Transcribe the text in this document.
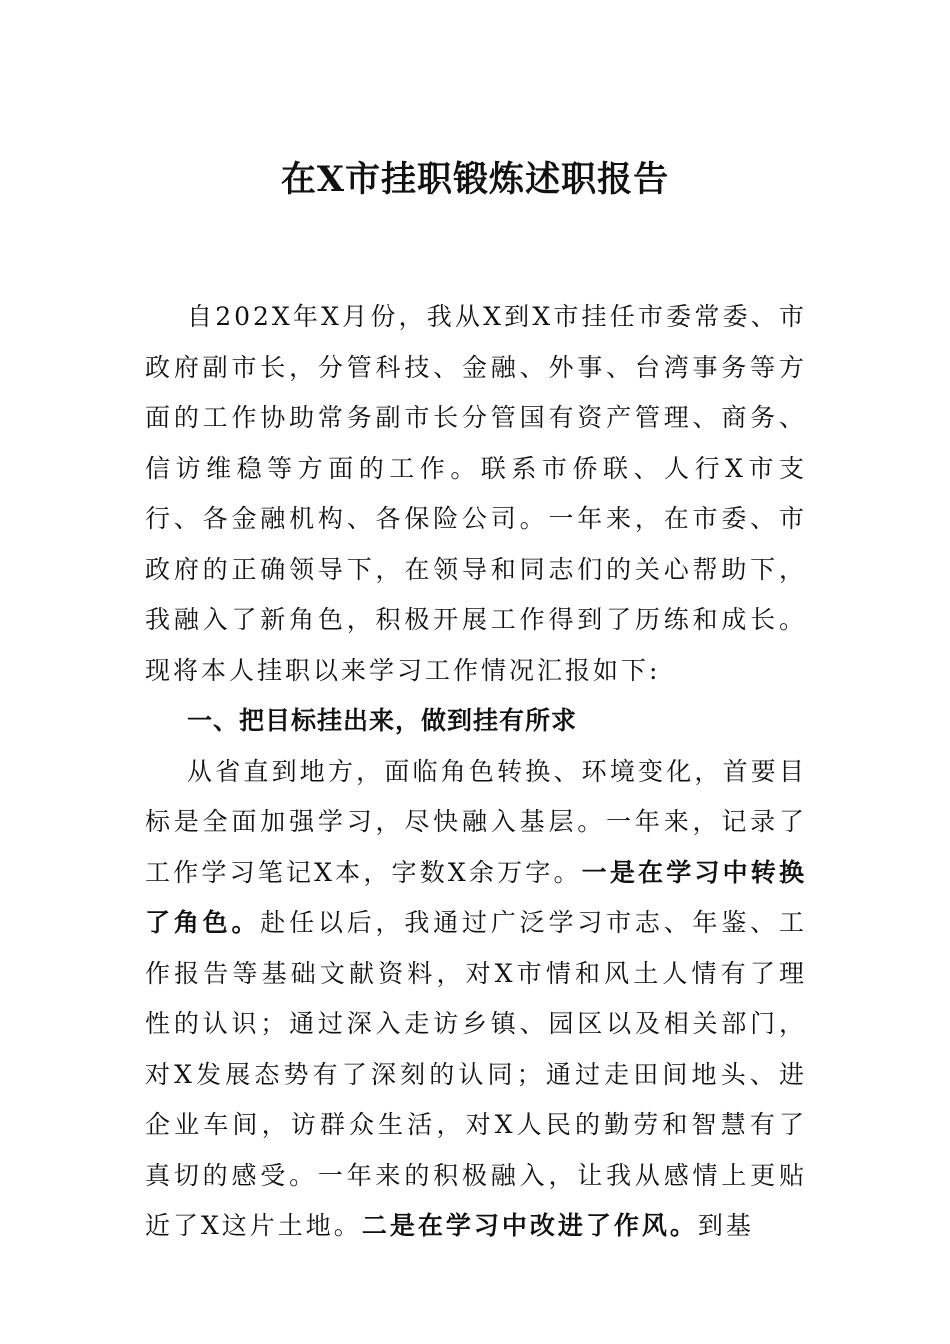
在X市挂职锻炼述职报告

自202X年X月份，我从X到X市挂任市委常委、市政府副市长，分管科技、金融、外事、台湾事务等方面的工作协助常务副市长分管国有资产管理、商务、信访维稳等方面的工作。联系市侨联、人行X市支行、各金融机构、各保险公司。一年来，在市委、市政府的正确领导下，在领导和同志们的关心帮助下，我融入了新角色，积极开展工作得到了历练和成长。现将本人挂职以来学习工作情况汇报如下:

一、把目标挂出来，做到挂有所求

从省直到地方，面临角色转换、环境变化，首要目标是全面加强学习，尽快融入基层。一年来，记录了工作学习笔记X本，字数X余万字。一是在学习中转换了角色。赴任以后，我通过广泛学习市志、年鉴、工作报告等基础文献资料，对X市情和风土人情有了理性的认识；通过深入走访乡镇、园区以及相关部门，对X发展态势有了深刻的认同；通过走田间地头、进企业车间，访群众生活，对X人民的勤劳和智慧有了真切的感受。一年来的积极融入，让我从感情上更贴近了X这片土地。二是在学习中改进了作风。到基
